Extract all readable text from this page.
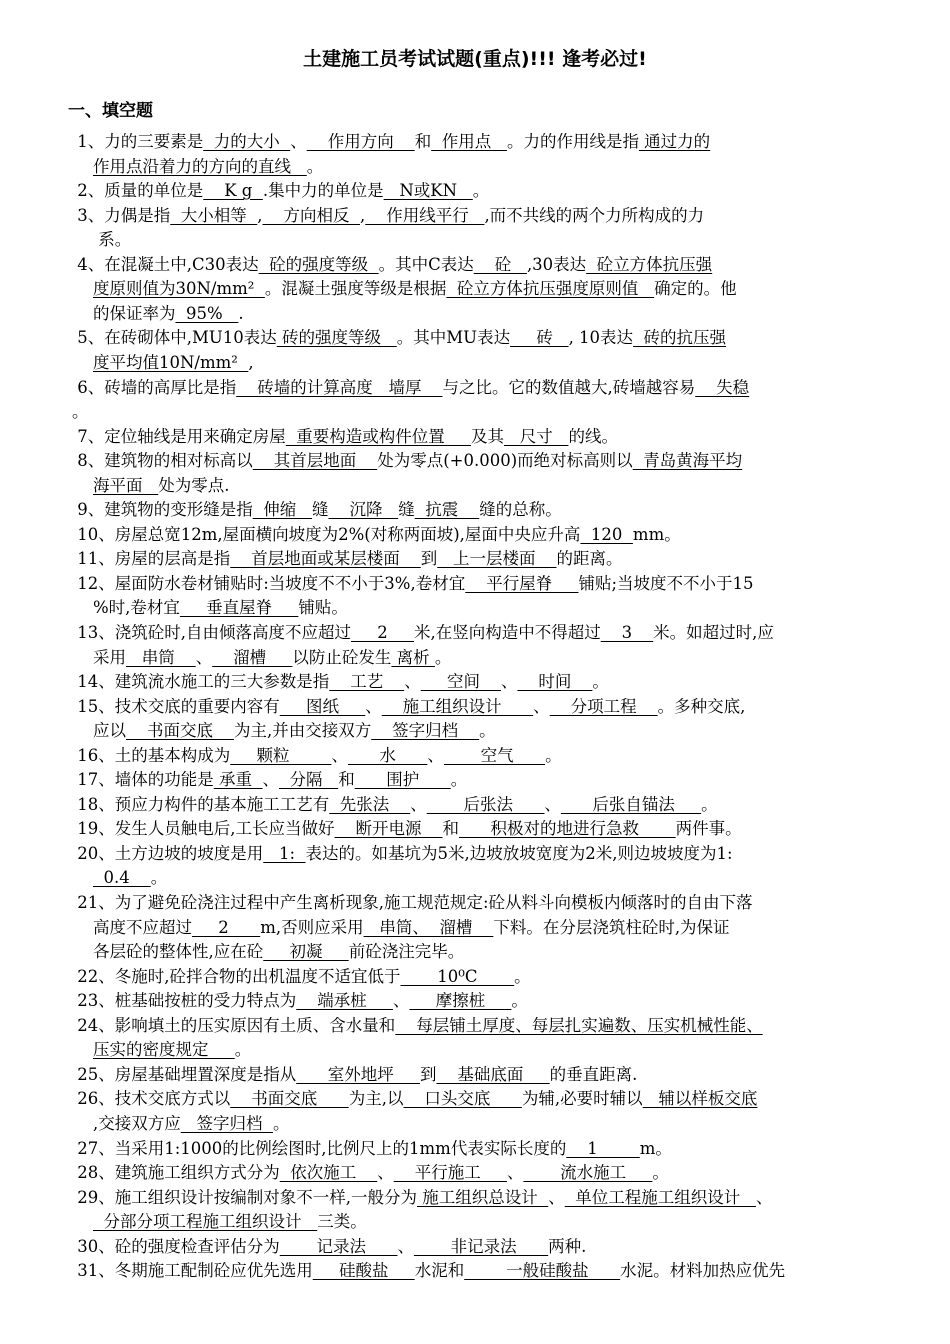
土建施工员考试试题(重点)!!! 逢考必过!
一、填空题
1、力的三要素是  力的大小  、    作用方向    和  作用点   。力的作用线是指 通过力的
作用点沿着力的方向的直线   。
2、质量的单位是    K g  .集中力的单位是   N或KN   。
3、力偶是指  大小相等  ,    方向相反  ,    作用线平行   ,而不共线的两个力所构成的力
系。
4、在混凝土中,C30表达  砼的强度等级  。其中C表达    砼   ,30表达  砼立方体抗压强
度原则值为30N/mm²  。混凝土强度等级是根据  砼立方体抗压强度原则值   确定的。他
的保证率为  95%   .
5、在砖砌体中,MU10表达 砖的强度等级   。其中MU表达     砖   , 10表达  砖的抗压强
度平均值10N/mm²  ,
6、砖墙的高厚比是指    砖墙的计算高度   墙厚    与之比。它的数值越大,砖墙越容易    失稳
。
7、定位轴线是用来确定房屋  重要构造或构件位置     及其   尺寸   的线。
8、建筑物的相对标高以    其首层地面    处为零点(+0.000)而绝对标高则以  青岛黄海平均
海平面   处为零点.
9、建筑物的变形缝是指  伸缩   缝    沉降   缝  抗震    缝的总称。
10、房屋总宽12m,屋面横向坡度为2%(对称两面坡),屋面中央应升高  120  mm。
11、房屋的层高是指    首层地面或某层楼面    到   上一层楼面    的距离。
12、屋面防水卷材铺贴时:当坡度不不小于3%,卷材宜    平行屋脊     铺贴;当坡度不不小于15
%时,卷材宜     垂直屋脊     铺贴。
13、浇筑砼时,自由倾落高度不应超过     2     米,在竖向构造中不得超过    3    米。如超过时,应
采用   串筒    、    溜槽     以防止砼发生 离析 。
14、建筑流水施工的三大参数是指    工艺    、     空间    、    时间    。
15、技术交底的重要内容有     图纸     、    施工组织设计      、    分项工程    。多种交底,
应以    书面交底    为主,并由交接双方    签字归档    。
16、土的基本构成为     颗粒        、      水      、       空气      。
17、墙体的功能是 承重  、  分隔   和      围护      。
18、预应力构件的基本施工工艺有  先张法    、       后张法      、      后张自锚法     。
19、发生人员触电后,工长应当做好    断开电源    和      积极对的地进行急救       两件事。
20、土方边坡的坡度是用   1:  表达的。如基坑为5米,边坡放坡宽度为2米,则边坡坡度为1:
0.4    。
21、为了避免砼浇注过程中产生离析现象,施工规范规定:砼从料斗向模板内倾落时的自由下落
高度不应超过     2      m,否则应采用   串筒、  溜槽    下料。在分层浇筑柱砼时,为保证
各层砼的整体性,应在砼     初凝     前砼浇注完毕。
22、冬施时,砼拌合物的出机温度不适宜低于       10⁰C       。
23、桩基础按桩的受力特点为    端承桩     、     摩擦桩     。
24、影响填土的压实原因有土质、含水量和    每层铺土厚度、每层扎实遍数、压实机械性能、
压实的密度规定     。
25、房屋基础埋置深度是指从      室外地坪     到    基础底面     的垂直距离.
26、技术交底方式以    书面交底      为主,以    口头交底      为辅,必要时辅以   辅以样板交底
,交接双方应   签字归档  。
27、当采用1:1000的比例绘图时,比例尺上的1mm代表实际长度的    1        m。
28、建筑施工组织方式分为  依次施工    、    平行施工     、       流水施工     。
29、施工组织设计按编制对象不一样,一般分为 施工组织总设计  、  单位工程施工组织设计   、
分部分项工程施工组织设计   三类。
30、砼的强度检查评估分为       记录法      、       非记录法      两种.
31、冬期施工配制砼应优先选用     硅酸盐     水泥和        一般硅酸盐      水泥。材料加热应优先
